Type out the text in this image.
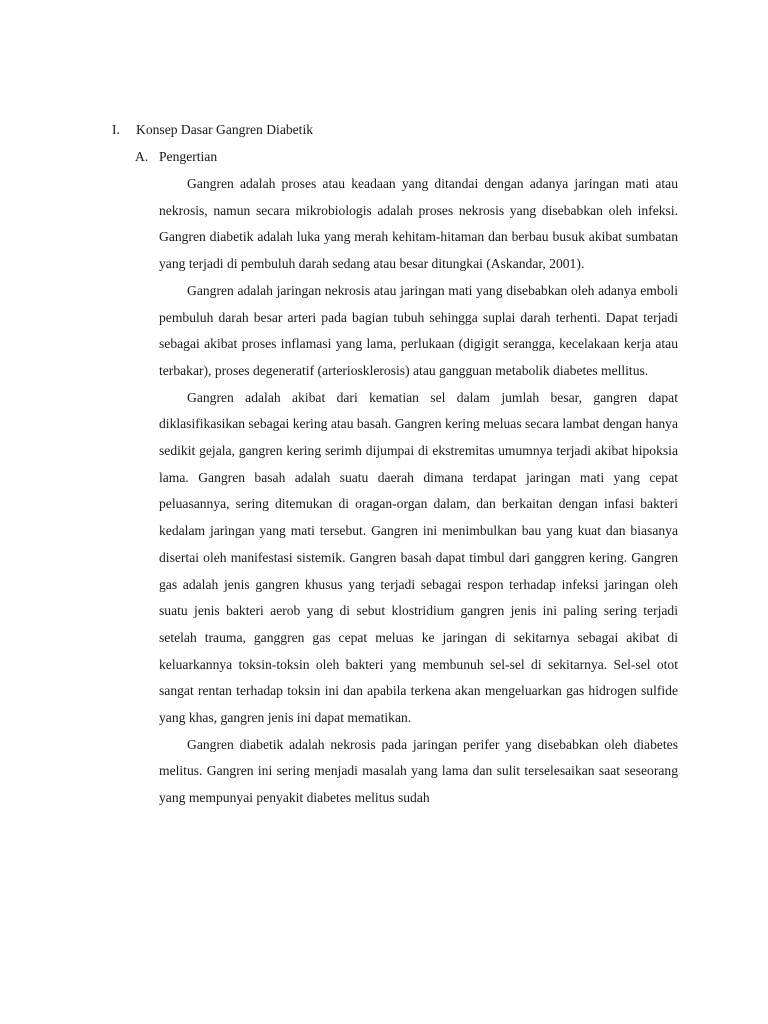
I. Konsep Dasar Gangren Diabetik
A. Pengertian

Gangren adalah proses atau keadaan yang ditandai dengan adanya jaringan mati atau nekrosis, namun secara mikrobiologis adalah proses nekrosis yang disebabkan oleh infeksi. Gangren diabetik adalah luka yang merah kehitam-hitaman dan berbau busuk akibat sumbatan yang terjadi di pembuluh darah sedang atau besar ditungkai (Askandar, 2001).

Gangren adalah jaringan nekrosis atau jaringan mati yang disebabkan oleh adanya emboli pembuluh darah besar arteri pada bagian tubuh sehingga suplai darah terhenti. Dapat terjadi sebagai akibat proses inflamasi yang lama, perlukaan (digigit serangga, kecelakaan kerja atau terbakar), proses degeneratif (arteriosklerosis) atau gangguan metabolik diabetes mellitus.

Gangren adalah akibat dari kematian sel dalam jumlah besar, gangren dapat diklasifikasikan sebagai kering atau basah. Gangren kering meluas secara lambat dengan hanya sedikit gejala, gangren kering serimh dijumpai di ekstremitas umumnya terjadi akibat hipoksia lama. Gangren basah adalah suatu daerah dimana terdapat jaringan mati yang cepat peluasannya, sering ditemukan di oragan-organ dalam, dan berkaitan dengan infasi bakteri kedalam jaringan yang mati tersebut. Gangren ini menimbulkan bau yang kuat dan biasanya disertai oleh manifestasi sistemik. Gangren basah dapat timbul dari ganggren kering. Gangren gas adalah jenis gangren khusus yang terjadi sebagai respon terhadap infeksi jaringan oleh suatu jenis bakteri aerob yang di sebut klostridium gangren jenis ini paling sering terjadi setelah trauma, ganggren gas cepat meluas ke jaringan di sekitarnya sebagai akibat di keluarkannya toksin-toksin oleh bakteri yang membunuh sel-sel di sekitarnya. Sel-sel otot sangat rentan terhadap toksin ini dan apabila terkena akan mengeluarkan gas hidrogen sulfide yang khas, gangren jenis ini dapat mematikan.

Gangren diabetik adalah nekrosis pada jaringan perifer yang disebabkan oleh diabetes melitus. Gangren ini sering menjadi masalah yang lama dan sulit terselesaikan saat seseorang yang mempunyai penyakit diabetes melitus sudah
